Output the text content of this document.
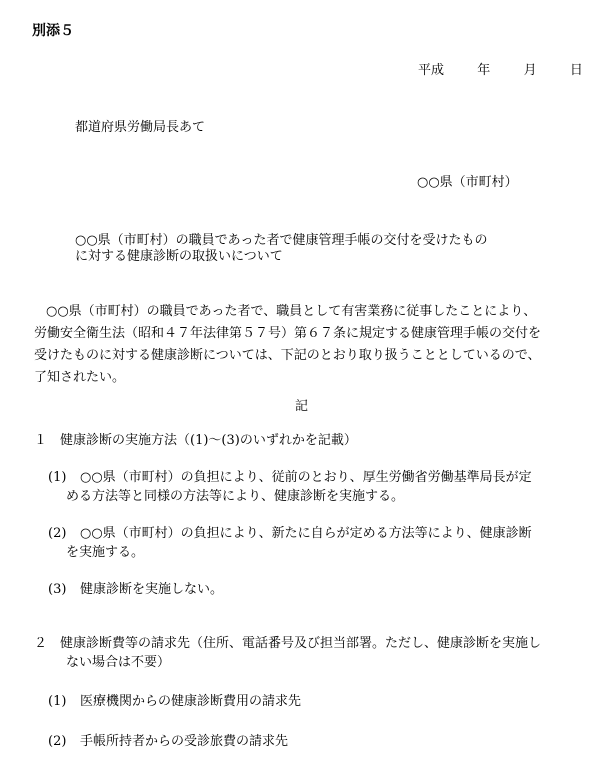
別添５
平成	年	月	日
都道府県労働局長あて
○○県（市町村）
○○県（市町村）の職員であった者で健康管理手帳の交付を受けたもの
に対する健康診断の取扱いについて
○○県（市町村）の職員であった者で、職員として有害業務に従事したことにより、
労働安全衛生法（昭和４７年法律第５７号）第６７条に規定する健康管理手帳の交付を
受けたものに対する健康診断については、下記のとおり取り扱うこととしているので、
了知されたい。
記
１　健康診断の実施方法（(1)～(3)のいずれかを記載）
(1) ○○県（市町村）の負担により、従前のとおり、厚生労働省労働基準局長が定
める方法等と同様の方法等により、健康診断を実施する。
(2) ○○県（市町村）の負担により、新たに自らが定める方法等により、健康診断
を実施する。
(3) 健康診断を実施しない。
２　健康診断費等の請求先（住所、電話番号及び担当部署。ただし、健康診断を実施し
ない場合は不要）
(1) 医療機関からの健康診断費用の請求先
(2) 手帳所持者からの受診旅費の請求先
